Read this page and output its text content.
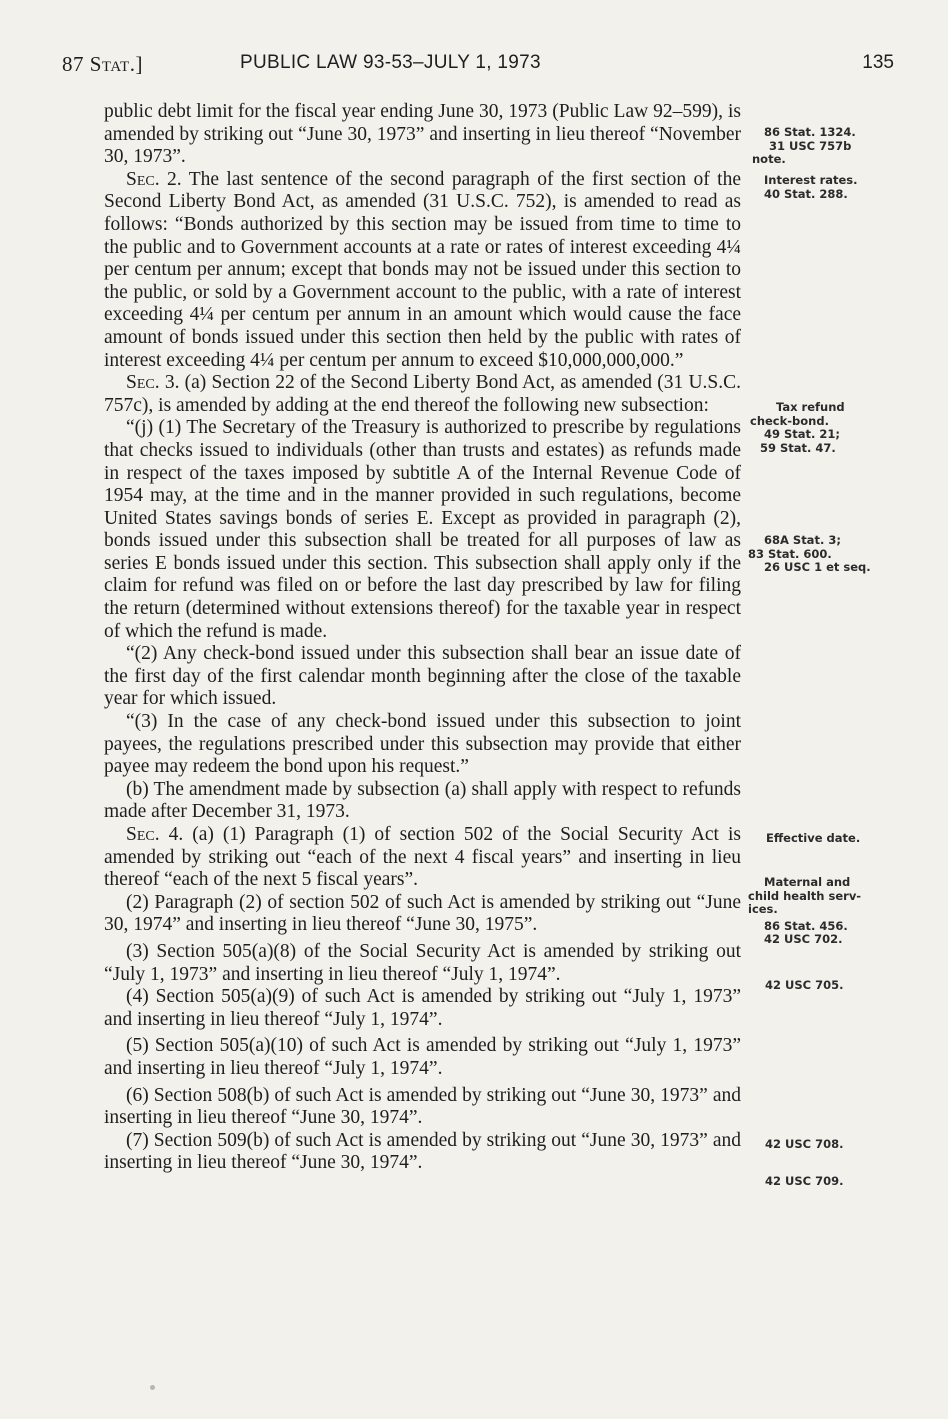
87 Stat.]	PUBLIC LAW 93-53–JULY 1, 1973	135

public debt limit for the fiscal year ending June 30, 1973 (Public Law 92–599), is amended by striking out “June 30, 1973” and inserting in lieu thereof “November 30, 1973”.

Sec. 2. The last sentence of the second paragraph of the first section of the Second Liberty Bond Act, as amended (31 U.S.C. 752), is amended to read as follows: “Bonds authorized by this section may be issued from time to time to the public and to Government accounts at a rate or rates of interest exceeding 4¼ per centum per annum; except that bonds may not be issued under this section to the public, or sold by a Government account to the public, with a rate of interest exceeding 4¼ per centum per annum in an amount which would cause the face amount of bonds issued under this section then held by the public with rates of interest exceeding 4¼ per centum per annum to exceed $10,000,000,000.”

Sec. 3. (a) Section 22 of the Second Liberty Bond Act, as amended (31 U.S.C. 757c), is amended by adding at the end thereof the following new subsection:

“(j) (1) The Secretary of the Treasury is authorized to prescribe by regulations that checks issued to individuals (other than trusts and estates) as refunds made in respect of the taxes imposed by subtitle A of the Internal Revenue Code of 1954 may, at the time and in the manner provided in such regulations, become United States savings bonds of series E. Except as provided in paragraph (2), bonds issued under this subsection shall be treated for all purposes of law as series E bonds issued under this section. This subsection shall apply only if the claim for refund was filed on or before the last day prescribed by law for filing the return (determined without extensions thereof) for the taxable year in respect of which the refund is made.

“(2) Any check-bond issued under this subsection shall bear an issue date of the first day of the first calendar month beginning after the close of the taxable year for which issued.

“(3) In the case of any check-bond issued under this subsection to joint payees, the regulations prescribed under this subsection may provide that either payee may redeem the bond upon his request.”

(b) The amendment made by subsection (a) shall apply with respect to refunds made after December 31, 1973.

Sec. 4. (a) (1) Paragraph (1) of section 502 of the Social Security Act is amended by striking out “each of the next 4 fiscal years” and inserting in lieu thereof “each of the next 5 fiscal years”.

(2) Paragraph (2) of section 502 of such Act is amended by striking out “June 30, 1974” and inserting in lieu thereof “June 30, 1975”.

(3) Section 505(a)(8) of the Social Security Act is amended by striking out “July 1, 1973” and inserting in lieu thereof “July 1, 1974”.

(4) Section 505(a)(9) of such Act is amended by striking out “July 1, 1973” and inserting in lieu thereof “July 1, 1974”.

(5) Section 505(a)(10) of such Act is amended by striking out “July 1, 1973” and inserting in lieu thereof “July 1, 1974”.

(6) Section 508(b) of such Act is amended by striking out “June 30, 1973” and inserting in lieu thereof “June 30, 1974”.

(7) Section 509(b) of such Act is amended by striking out “June 30, 1973” and inserting in lieu thereof “June 30, 1974”.

86 Stat. 1324.
31 USC 757b
note.
Interest rates.
40 Stat. 288.
Tax refund
check-bond.
49 Stat. 21;
59 Stat. 47.
68A Stat. 3;
83 Stat. 600.
26 USC 1 et seq.
Effective date.
Maternal and
child health serv-
ices.
86 Stat. 456.
42 USC 702.
42 USC 705.
42 USC 708.
42 USC 709.
